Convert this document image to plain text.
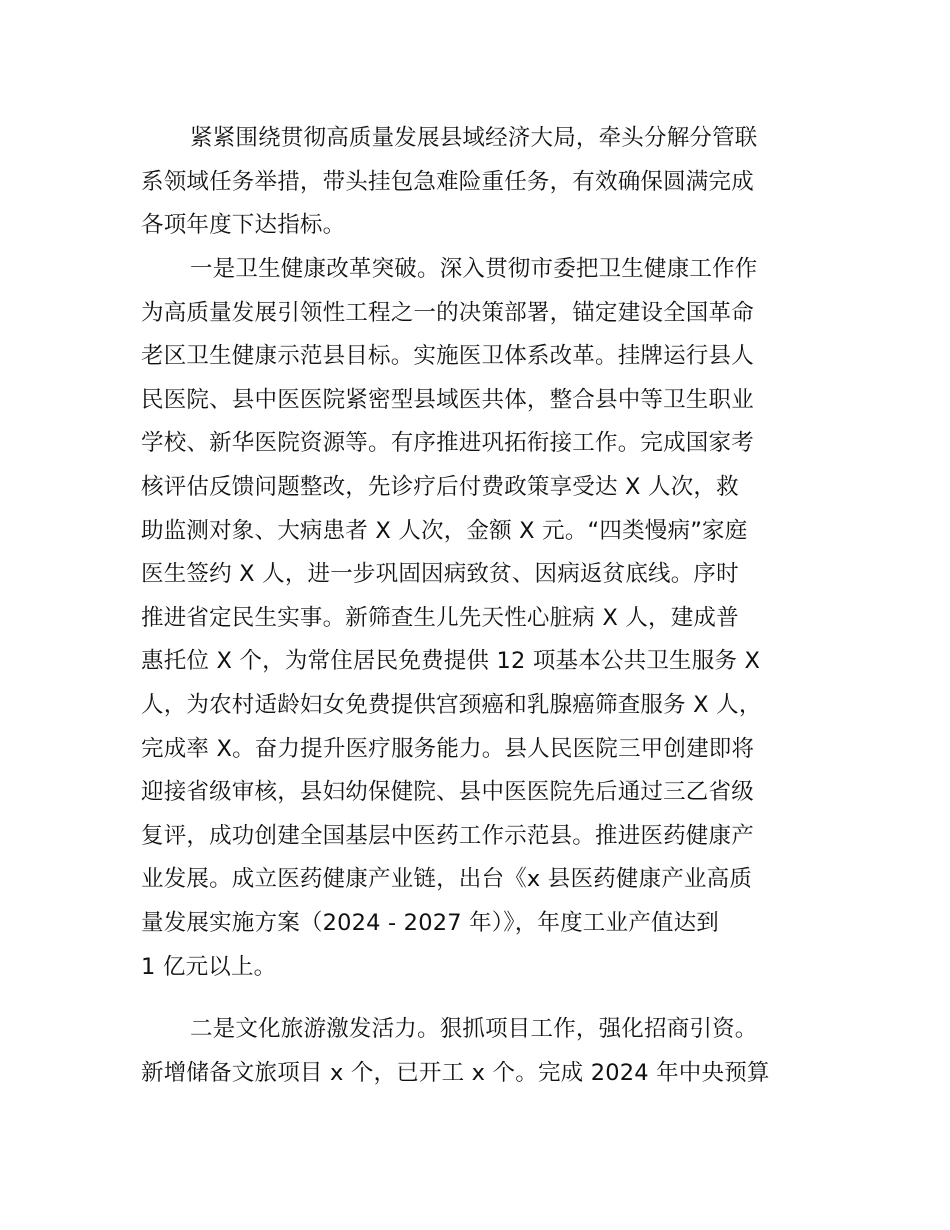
紧紧围绕贯彻高质量发展县域经济大局，牵头分解分管联
系领域任务举措，带头挂包急难险重任务，有效确保圆满完成
各项年度下达指标。
一是卫生健康改革突破。深入贯彻市委把卫生健康工作作
为高质量发展引领性工程之一的决策部署，锚定建设全国革命
老区卫生健康示范县目标。实施医卫体系改革。挂牌运行县人
民医院、县中医医院紧密型县域医共体，整合县中等卫生职业
学校、新华医院资源等。有序推进巩拓衔接工作。完成国家考
核评估反馈问题整改，先诊疗后付费政策享受达 X 人次，救
助监测对象、大病患者 X 人次，金额 X 元。“四类慢病”家庭
医生签约 X 人，进一步巩固因病致贫、因病返贫底线。序时
推进省定民生实事。新筛查生儿先天性心脏病 X 人，建成普
惠托位 X 个，为常住居民免费提供 12 项基本公共卫生服务 X
人，为农村适龄妇女免费提供宫颈癌和乳腺癌筛查服务 X 人，
完成率 X。奋力提升医疗服务能力。县人民医院三甲创建即将
迎接省级审核，县妇幼保健院、县中医医院先后通过三乙省级
复评，成功创建全国基层中医药工作示范县。推进医药健康产
业发展。成立医药健康产业链，出台《x 县医药健康产业高质
量发展实施方案（2024 - 2027 年）》，年度工业产值达到
1 亿元以上。
二是文化旅游激发活力。狠抓项目工作，强化招商引资。
新增储备文旅项目 x 个，已开工 x 个。完成 2024 年中央预算
